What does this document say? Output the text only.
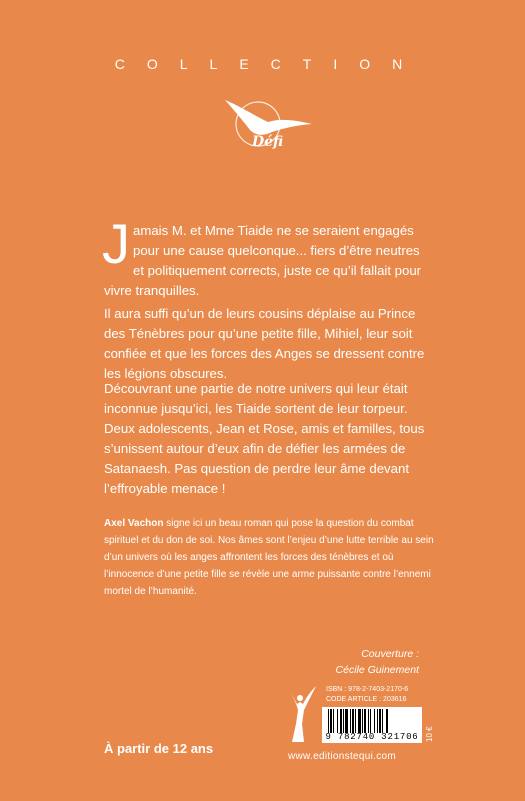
COLLECTION
Défi
Jamais M. et Mme Tiaide ne se seraient engagés pour une cause quelconque... fiers d’être neutres et politiquement corrects, juste ce qu’il fallait pour vivre tranquilles.
Il aura suffi qu’un de leurs cousins déplaise au Prince des Ténèbres pour qu’une petite fille, Mihiel, leur soit confiée et que les forces des Anges se dressent contre les légions obscures.
Découvrant une partie de notre univers qui leur était inconnue jusqu’ici, les Tiaide sortent de leur torpeur. Deux adolescents, Jean et Rose, amis et familles, tous s’unissent autour d’eux afin de défier les armées de Satanaesh. Pas question de perdre leur âme devant l’effroyable menace !
Axel Vachon signe ici un beau roman qui pose la question du combat spirituel et du don de soi. Nos âmes sont l’enjeu d’une lutte terrible au sein d’un univers où les anges affrontent les forces des ténèbres et où l’innocence d’une petite fille se révèle une arme puissante contre l’ennemi mortel de l’humanité.
Couverture :
Cécile Guinement
ISBN : 978-2-7403-2170-6
CODE ARTICLE : 203616
9 782740 321706 10 €
À partir de 12 ans
www.editionstequi.com
